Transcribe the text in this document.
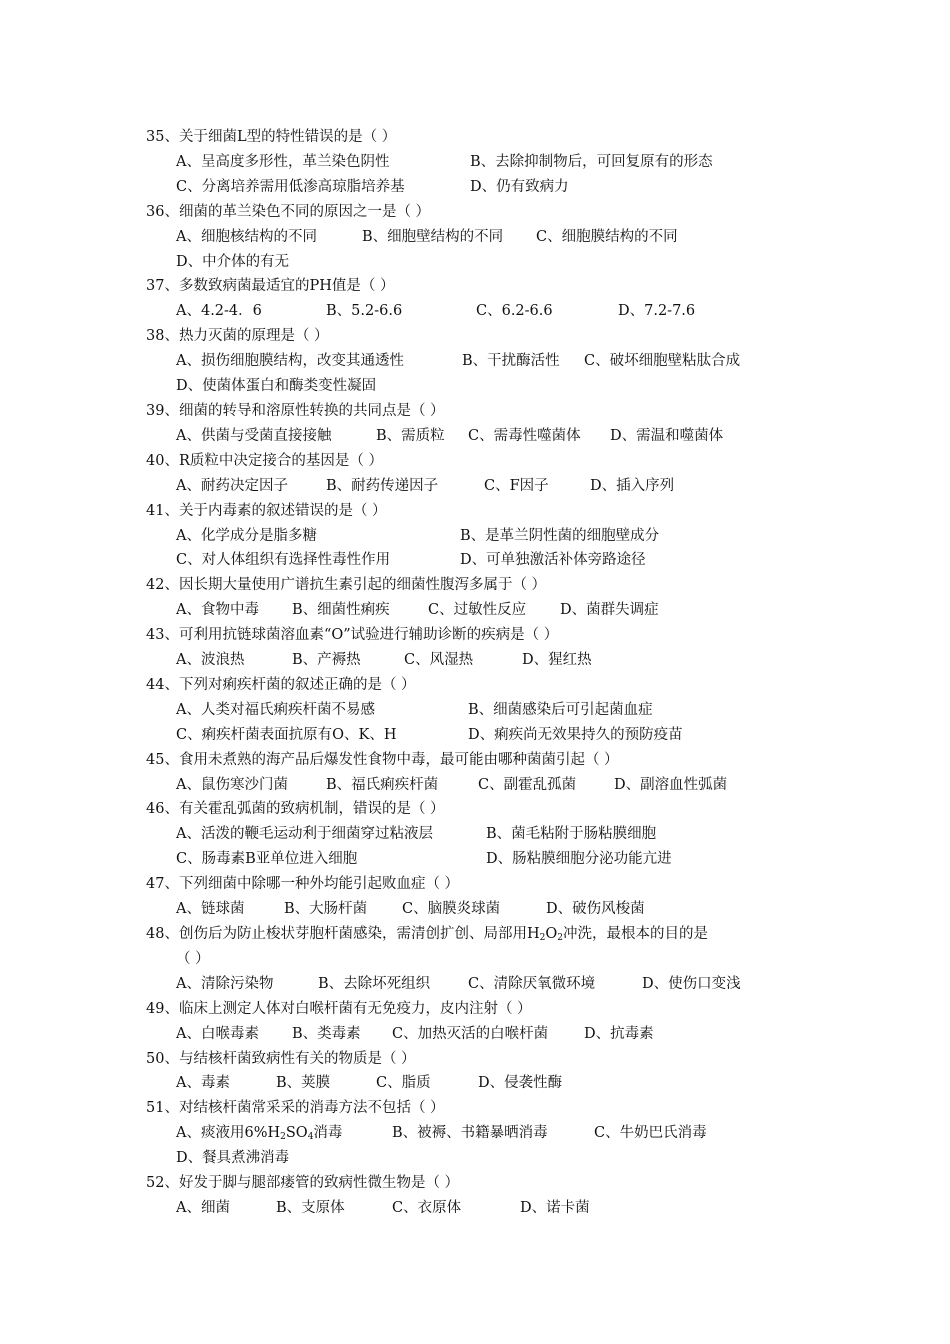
35、关于细菌L型的特性错误的是（ ）
A、呈高度多形性，革兰染色阴性	B、去除抑制物后，可回复原有的形态
C、分离培养需用低渗高琼脂培养基	D、仍有致病力
36、细菌的革兰染色不同的原因之一是（ ）
A、细胞核结构的不同	B、细胞壁结构的不同 C、细胞膜结构的不同
D、中介体的有无
37、多数致病菌最适宜的PH值是（ ）
A、4.2-4．6	B、5.2-6.6	C、6.2-6.6	D、7.2-7.6
38、热力灭菌的原理是（ ）
A、损伤细胞膜结构，改变其通透性	B、干扰酶活性 C、破坏细胞壁粘肽合成
D、使菌体蛋白和酶类变性凝固
39、细菌的转导和溶原性转换的共同点是（ ）
A、供菌与受菌直接接触	B、需质粒 C、需毒性噬菌体 D、需温和噬菌体
40、R质粒中决定接合的基因是（ ）
A、耐药决定因子	B、耐药传递因子	C、F因子	D、插入序列
41、关于内毒素的叙述错误的是（ ）
A、化学成分是脂多糖	B、是革兰阴性菌的细胞壁成分
C、对人体组织有选择性毒性作用	D、可单独激活补体旁路途径
42、因长期大量使用广谱抗生素引起的细菌性腹泻多属于（ ）
A、食物中毒 B、细菌性痢疾	C、过敏性反应 D、菌群失调症
43、可利用抗链球菌溶血素“O”试验进行辅助诊断的疾病是（ ）
A、波浪热	B、产褥热	C、风湿热	D、猩红热
44、下列对痢疾杆菌的叙述正确的是（ ）
A、人类对福氏痢疾杆菌不易感	B、细菌感染后可引起菌血症
C、痢疾杆菌表面抗原有O、K、H	D、痢疾尚无效果持久的预防疫苗
45、食用未煮熟的海产品后爆发性食物中毒，最可能由哪种菌菌引起（ ）
A、鼠伤寒沙门菌	B、福氏痢疾杆菌	C、副霍乱孤菌	D、副溶血性弧菌
46、有关霍乱弧菌的致病机制，错误的是（ ）
A、活泼的鞭毛运动利于细菌穿过粘液层	B、菌毛粘附于肠粘膜细胞
C、肠毒素B亚单位进入细胞	D、肠粘膜细胞分泌功能亢进
47、下列细菌中除哪一种外均能引起败血症（ ）
A、链球菌	B、大肠杆菌 C、脑膜炎球菌	D、破伤风梭菌
48、创伤后为防止梭状芽胞杆菌感染，需清创扩创、局部用$H_2O_2$冲洗，最根本的目的是
（ ）
A、清除污染物	B、去除坏死组织	C、清除厌氧微环境	D、使伤口变浅
49、临床上测定人体对白喉杆菌有无免疫力，皮内注射（ ）
A、白喉毒素 B、类毒素 C、加热灭活的白喉杆菌 D、抗毒素
50、与结核杆菌致病性有关的物质是（ ）
A、毒素	B、荚膜	C、脂质	D、侵袭性酶
51、对结核杆菌常采采的消毒方法不包括（ ）
A、痰液用$6\%H_2SO_4$消毒	B、被褥、书籍暴晒消毒	C、牛奶巴氏消毒
D、餐具煮沸消毒
52、好发于脚与腿部瘘管的致病性微生物是（ ）
A、细菌	B、支原体	C、衣原体	D、诺卡菌
